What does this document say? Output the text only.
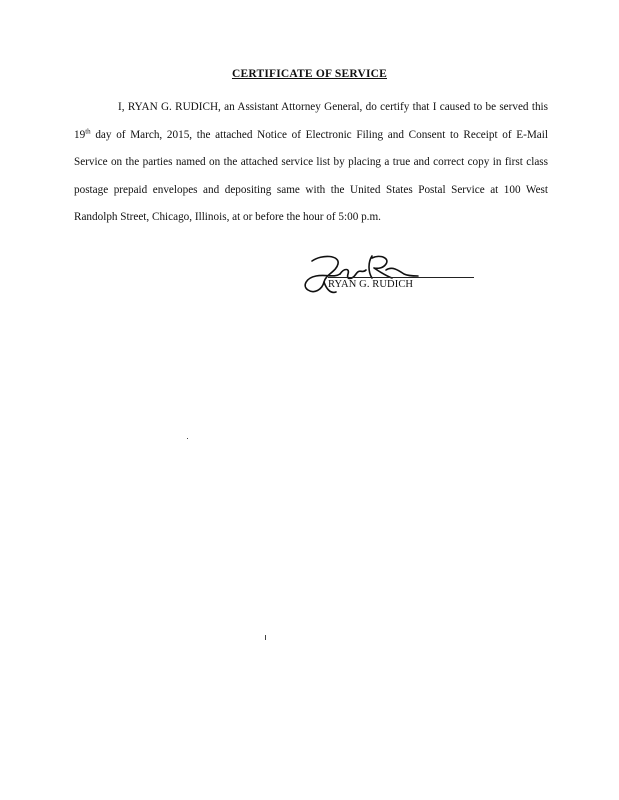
CERTIFICATE OF SERVICE

I, RYAN G. RUDICH, an Assistant Attorney General, do certify that I caused to be served this 19th day of March, 2015, the attached Notice of Electronic Filing and Consent to Receipt of E-Mail Service on the parties named on the attached service list by placing a true and correct copy in first class postage prepaid envelopes and depositing same with the United States Postal Service at 100 West Randolph Street, Chicago, Illinois, at or before the hour of 5:00 p.m.

RYAN G. RUDICH
